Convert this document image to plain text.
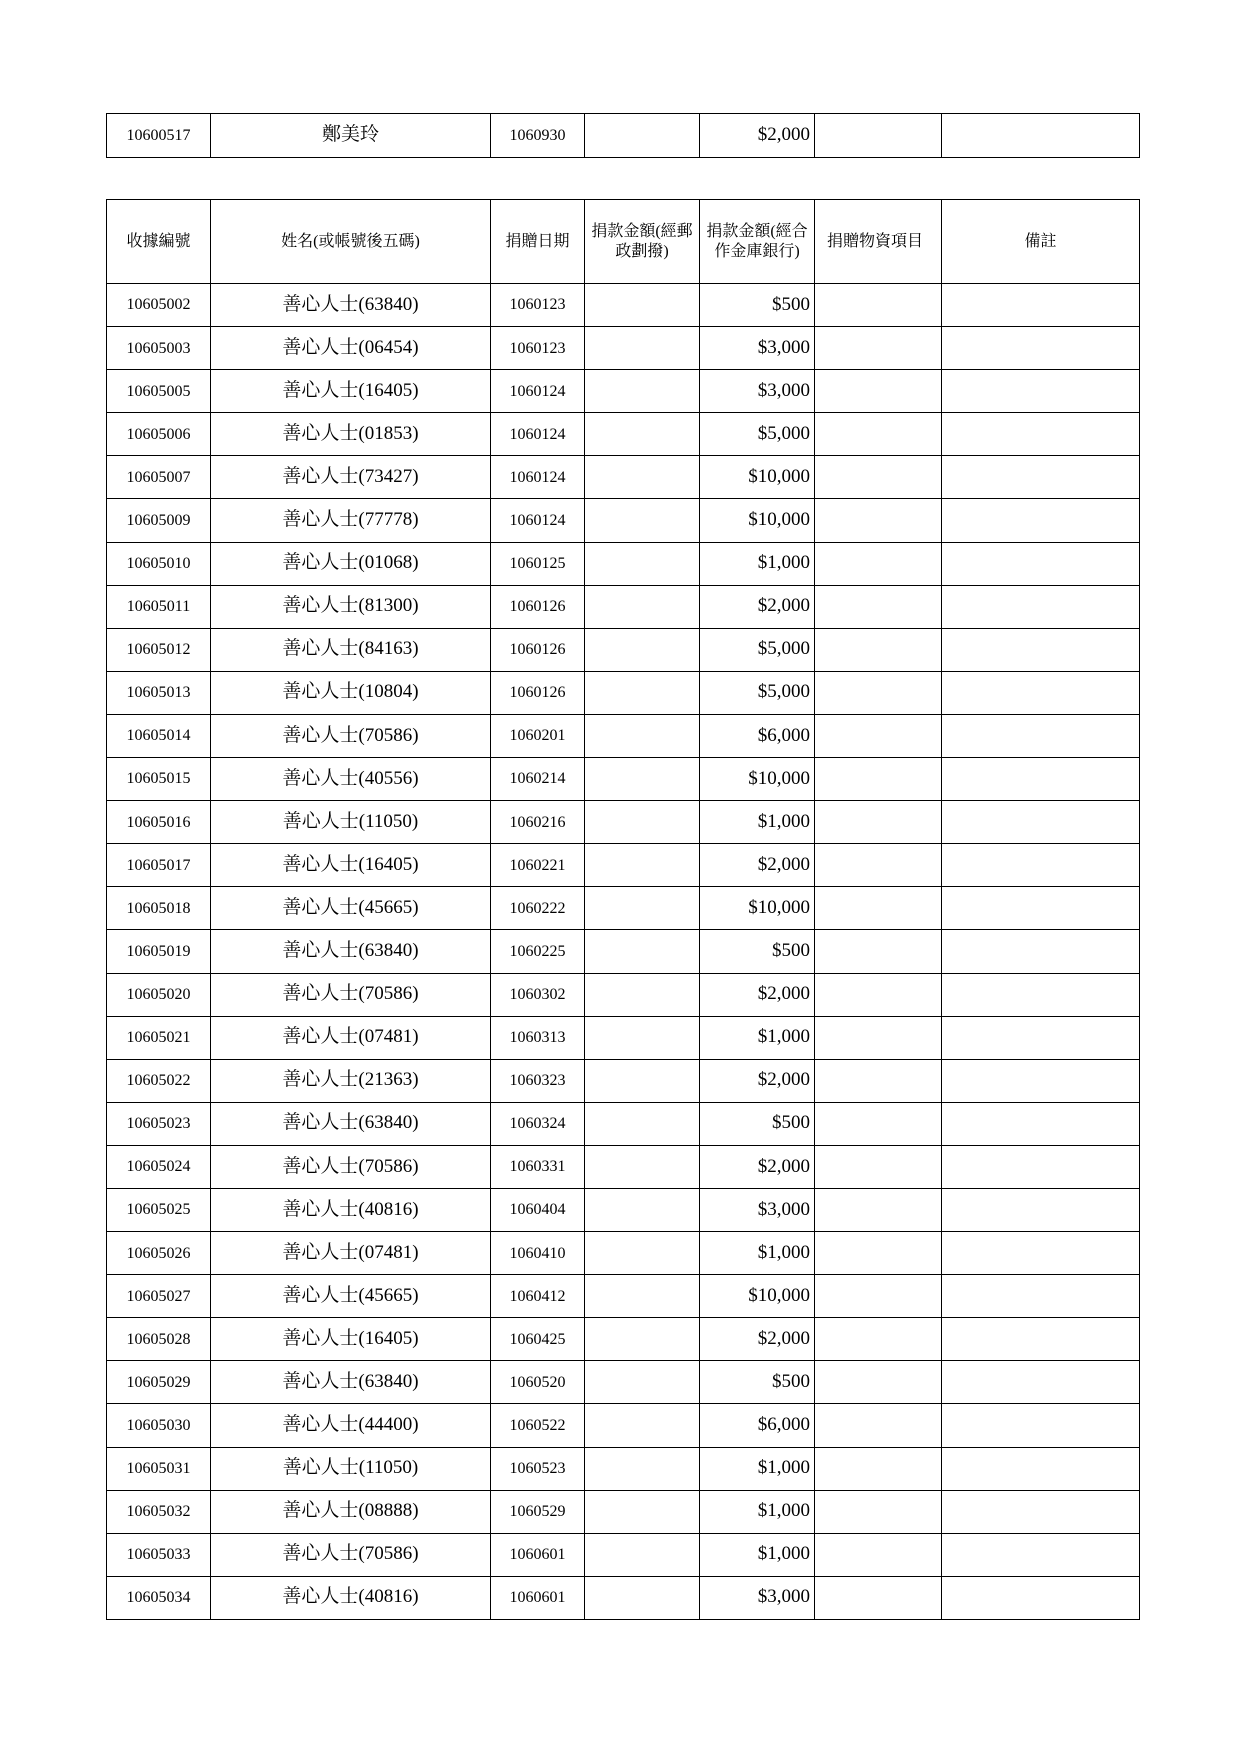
10600517	鄭美玲	1060930		$2,000		
收據編號	姓名(或帳號後五碼)	捐贈日期	捐款金額(經郵政劃撥)	捐款金額(經合作金庫銀行)	捐贈物資項目	備註
10605002	善心人士(63840)	1060123		$500		
10605003	善心人士(06454)	1060123		$3,000		
10605005	善心人士(16405)	1060124		$3,000		
10605006	善心人士(01853)	1060124		$5,000		
10605007	善心人士(73427)	1060124		$10,000		
10605009	善心人士(77778)	1060124		$10,000		
10605010	善心人士(01068)	1060125		$1,000		
10605011	善心人士(81300)	1060126		$2,000		
10605012	善心人士(84163)	1060126		$5,000		
10605013	善心人士(10804)	1060126		$5,000		
10605014	善心人士(70586)	1060201		$6,000		
10605015	善心人士(40556)	1060214		$10,000		
10605016	善心人士(11050)	1060216		$1,000		
10605017	善心人士(16405)	1060221		$2,000		
10605018	善心人士(45665)	1060222		$10,000		
10605019	善心人士(63840)	1060225		$500		
10605020	善心人士(70586)	1060302		$2,000		
10605021	善心人士(07481)	1060313		$1,000		
10605022	善心人士(21363)	1060323		$2,000		
10605023	善心人士(63840)	1060324		$500		
10605024	善心人士(70586)	1060331		$2,000		
10605025	善心人士(40816)	1060404		$3,000		
10605026	善心人士(07481)	1060410		$1,000		
10605027	善心人士(45665)	1060412		$10,000		
10605028	善心人士(16405)	1060425		$2,000		
10605029	善心人士(63840)	1060520		$500		
10605030	善心人士(44400)	1060522		$6,000		
10605031	善心人士(11050)	1060523		$1,000		
10605032	善心人士(08888)	1060529		$1,000		
10605033	善心人士(70586)	1060601		$1,000		
10605034	善心人士(40816)	1060601		$3,000		
